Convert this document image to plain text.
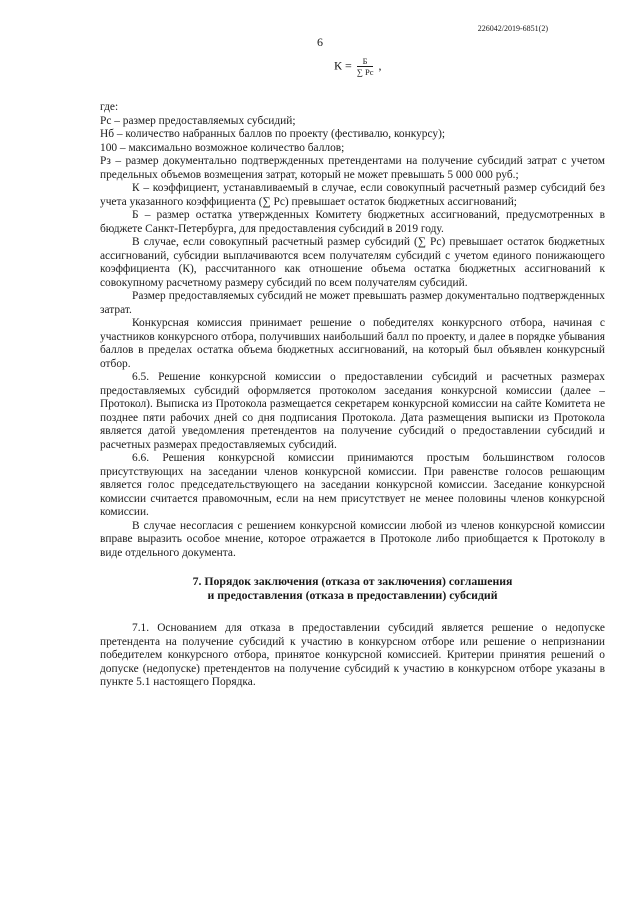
226042/2019-6851(2)
6
$К = \frac{Б}{\sum Рс}$ ,

где:

Рс – размер предоставляемых субсидий;

Нб – количество набранных баллов по проекту (фестивалю, конкурсу);

100 – максимально возможное количество баллов;

Рз – размер документально подтвержденных претендентами на получение субсидий затрат с учетом предельных объемов возмещения затрат, который не может превышать 5 000 000 руб.;

К – коэффициент, устанавливаемый в случае, если совокупный расчетный размер субсидий без учета указанного коэффициента (∑ Рс) превышает остаток бюджетных ассигнований;

Б – размер остатка утвержденных Комитету бюджетных ассигнований, предусмотренных в бюджете Санкт-Петербурга, для предоставления субсидий в 2019 году.

В случае, если совокупный расчетный размер субсидий (∑ Рс) превышает остаток бюджетных ассигнований, субсидии выплачиваются всем получателям субсидий с учетом единого понижающего коэффициента (К), рассчитанного как отношение объема остатка бюджетных ассигнований к совокупному расчетному размеру субсидий по всем получателям субсидий.

Размер предоставляемых субсидий не может превышать размер документально подтвержденных затрат.

Конкурсная комиссия принимает решение о победителях конкурсного отбора, начиная с участников конкурсного отбора, получивших наибольший балл по проекту, и далее в порядке убывания баллов в пределах остатка объема бюджетных ассигнований, на который был объявлен конкурсный отбор.

6.5. Решение конкурсной комиссии о предоставлении субсидий и расчетных размерах предоставляемых субсидий оформляется протоколом заседания конкурсной комиссии (далее – Протокол). Выписка из Протокола размещается секретарем конкурсной комиссии на сайте Комитета не позднее пяти рабочих дней со дня подписания Протокола. Дата размещения выписки из Протокола является датой уведомления претендентов на получение субсидий о предоставлении субсидий и расчетных размерах предоставляемых субсидий.

6.6. Решения конкурсной комиссии принимаются простым большинством голосов присутствующих на заседании членов конкурсной комиссии. При равенстве голосов решающим является голос председательствующего на заседании конкурсной комиссии. Заседание конкурсной комиссии считается правомочным, если на нем присутствует не менее половины членов конкурсной комиссии.

В случае несогласия с решением конкурсной комиссии любой из членов конкурсной комиссии вправе выразить особое мнение, которое отражается в Протоколе либо приобщается к Протоколу в виде отдельного документа.

7. Порядок заключения (отказа от заключения) соглашения

и предоставления (отказа в предоставлении) субсидий

7.1. Основанием для отказа в предоставлении субсидий является решение о недопуске претендента на получение субсидий к участию в конкурсном отборе или решение о непризнании победителем конкурсного отбора, принятое конкурсной комиссией. Критерии принятия решений о допуске (недопуске) претендентов на получение субсидий к участию в конкурсном отборе указаны в пункте 5.1 настоящего Порядка.
